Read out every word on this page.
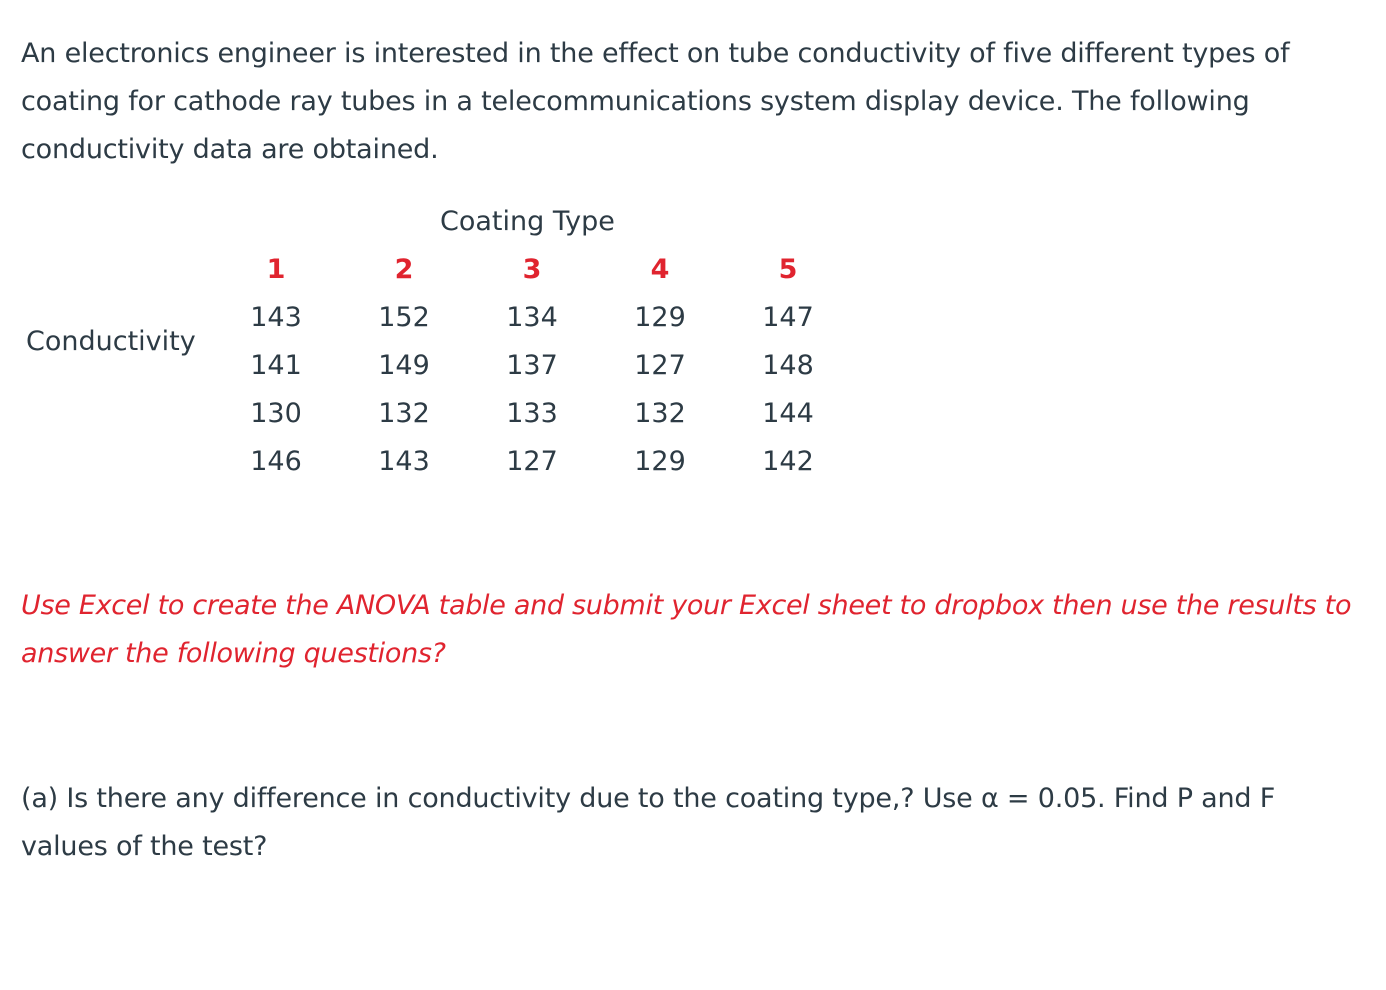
An electronics engineer is interested in the effect on tube conductivity of five different types of coating for cathode ray tubes in a telecommunications system display device. The following conductivity data are obtained.

Coating Type
Conductivity
1	2	3	4	5
143	152	134	129	147
141	149	137	127	148
130	132	133	132	144
146	143	127	129	142

Use Excel to create the ANOVA table and submit your Excel sheet to dropbox then use the results to answer the following questions?

(a) Is there any difference in conductivity due to the coating type,? Use α = 0.05. Find P and F values of the test?
